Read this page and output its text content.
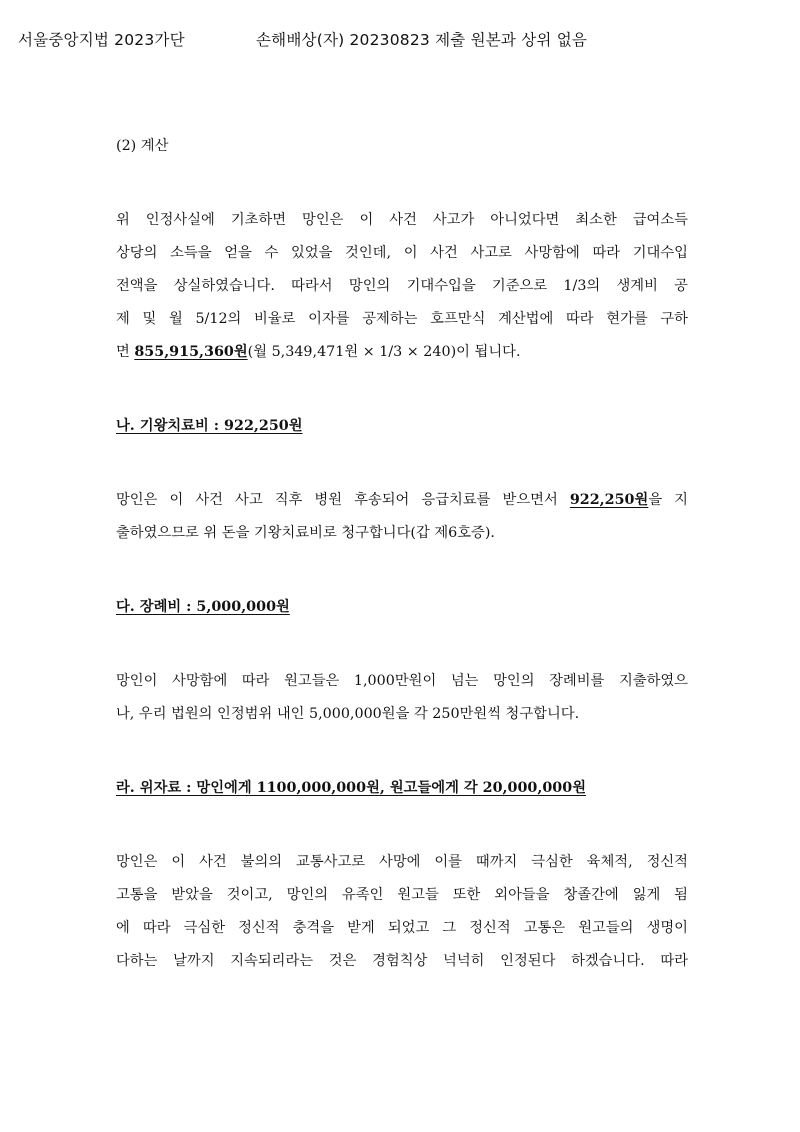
서울중앙지법 2023가단	손해배상(자) 20230823 제출 원본과 상위 없음
(2) 계산
위 인정사실에 기초하면 망인은 이 사건 사고가 아니었다면 최소한 급여소득
상당의 소득을 얻을 수 있었을 것인데, 이 사건 사고로 사망함에 따라 기대수입
전액을 상실하였습니다. 따라서 망인의 기대수입을 기준으로 1/3의 생계비 공
제 및 월 5/12의 비율로 이자를 공제하는 호프만식 계산법에 따라 현가를 구하
면 855,915,360원(월 5,349,471원 × 1/3 × 240)이 됩니다.
나. 기왕치료비 : 922,250원
망인은 이 사건 사고 직후 병원 후송되어 응급치료를 받으면서 922,250원을 지
출하였으므로 위 돈을 기왕치료비로 청구합니다(갑 제6호증).
다. 장례비 : 5,000,000원
망인이 사망함에 따라 원고들은 1,000만원이 넘는 망인의 장례비를 지출하였으
나, 우리 법원의 인정범위 내인 5,000,000원을 각 250만원씩 청구합니다.
라. 위자료 : 망인에게 1100,000,000원, 원고들에게 각 20,000,000원
망인은 이 사건 불의의 교통사고로 사망에 이를 때까지 극심한 육체적, 정신적
고통을 받았을 것이고, 망인의 유족인 원고들 또한 외아들을 창졸간에 잃게 됨
에 따라 극심한 정신적 충격을 받게 되었고 그 정신적 고통은 원고들의 생명이
다하는 날까지 지속되리라는 것은 경험칙상 넉넉히 인정된다 하겠습니다. 따라
